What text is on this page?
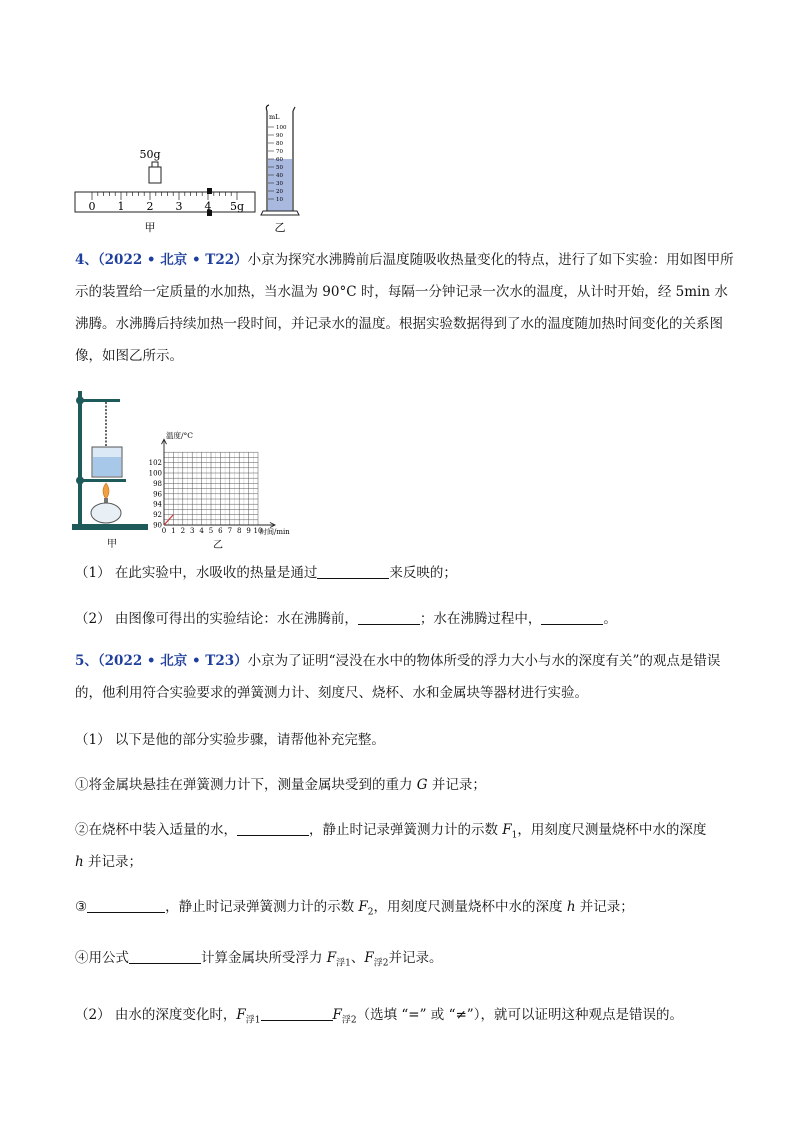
50g
0 1 2 3 4 5g
甲
mL
100
90
80
70
60
50
40
30
20
10
乙
4、（2022 • 北京 • T22）小京为探究水沸腾前后温度随吸收热量变化的特点，进行了如下实验：用如图甲所示的装置给一定质量的水加热，当水温为 90°C 时，每隔一分钟记录一次水的温度，从计时开始，经 5min 水沸腾。水沸腾后持续加热一段时间，并记录水的温度。根据实验数据得到了水的温度随加热时间变化的关系图像，如图乙所示。
甲
90
92
94
96
98
100
102
0 1 2 3 4 5 6 7 8 9 10
温度/°C
时间/min
乙
（1） 在此实验中，水吸收的热量是通过	来反映的；
（2） 由图像可得出的实验结论：水在沸腾前，	；水在沸腾过程中，	。
5、（2022 • 北京 • T23）小京为了证明“浸没在水中的物体所受的浮力大小与水的深度有关”的观点是错误的，他利用符合实验要求的弹簧测力计、刻度尺、烧杯、水和金属块等器材进行实验。
（1） 以下是他的部分实验步骤，请帮他补充完整。
①将金属块悬挂在弹簧测力计下，测量金属块受到的重力 G 并记录；
②在烧杯中装入适量的水，	，静止时记录弹簧测力计的示数 $F_1$，用刻度尺测量烧杯中水的深度
h 并记录；
③	，静止时记录弹簧测力计的示数 $F_2$，用刻度尺测量烧杯中水的深度 h 并记录；
④用公式	计算金属块所受浮力 $F_{浮1}$、$F_{浮2}$并记录。
（2） 由水的深度变化时，$F_{浮1}$	$F_{浮2}$（选填 “=” 或 “≠”），就可以证明这种观点是错误的。
